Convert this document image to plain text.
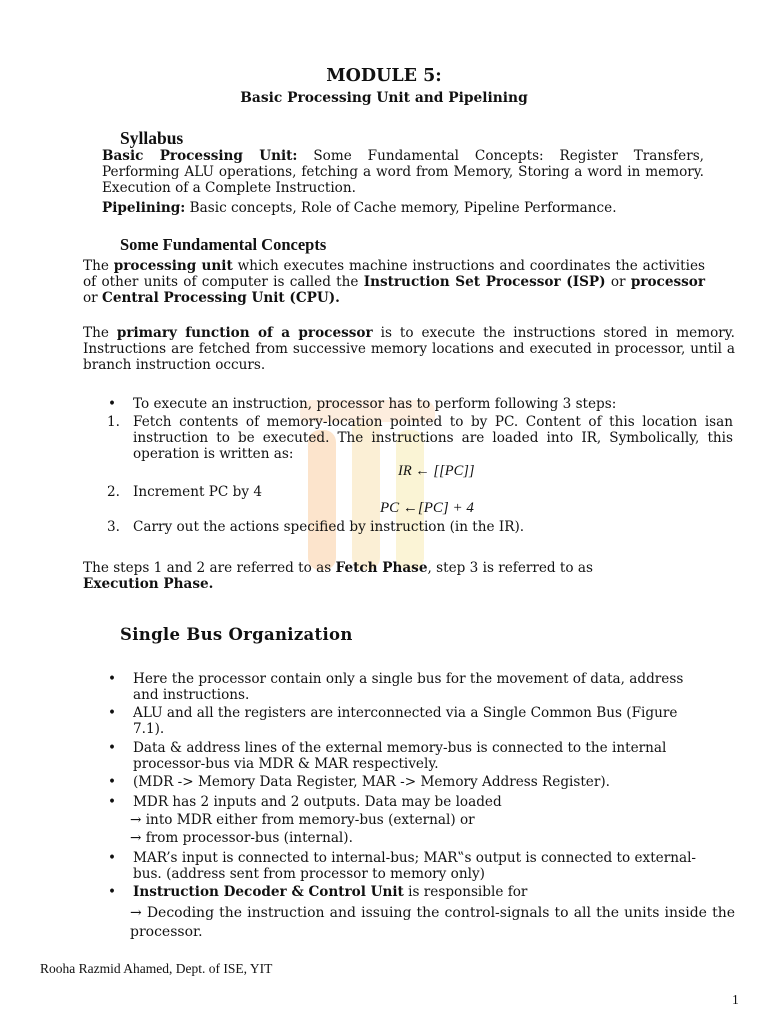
MODULE 5:
Basic Processing Unit and Pipelining
Syllabus
Basic Processing Unit: Some Fundamental Concepts: Register Transfers, Performing ALU operations, fetching a word from Memory, Storing a word in memory. Execution of a Complete Instruction.
Pipelining: Basic concepts, Role of Cache memory, Pipeline Performance.
Some Fundamental Concepts
The processing unit which executes machine instructions and coordinates the activities of other units of computer is called the Instruction Set Processor (ISP) or processor or Central Processing Unit (CPU).
The primary function of a processor is to execute the instructions stored in memory. Instructions are fetched from successive memory locations and executed in processor, until a branch instruction occurs.
• To execute an instruction, processor has to perform following 3 steps:
1. Fetch contents of memory-location pointed to by PC. Content of this location isan instruction to be executed. The instructions are loaded into IR, Symbolically, this operation is written as:
IR ← [[PC]]
2. Increment PC by 4
PC ←[PC] + 4
3. Carry out the actions specified by instruction (in the IR).
The steps 1 and 2 are referred to as Fetch Phase, step 3 is referred to as
Execution Phase.
Single Bus Organization
• Here the processor contain only a single bus for the movement of data, address and instructions.
• ALU and all the registers are interconnected via a Single Common Bus (Figure 7.1).
• Data & address lines of the external memory-bus is connected to the internal processor-bus via MDR & MAR respectively.
• (MDR -> Memory Data Register, MAR -> Memory Address Register).
• MDR has 2 inputs and 2 outputs. Data may be loaded
→ into MDR either from memory-bus (external) or
→ from processor-bus (internal).
• MAR’s input is connected to internal-bus; MAR‟s output is connected to external- bus. (address sent from processor to memory only)
• Instruction Decoder & Control Unit is responsible for
→ Decoding the instruction and issuing the control-signals to all the units inside the processor.
Rooha Razmid Ahamed, Dept. of ISE, YIT
1
